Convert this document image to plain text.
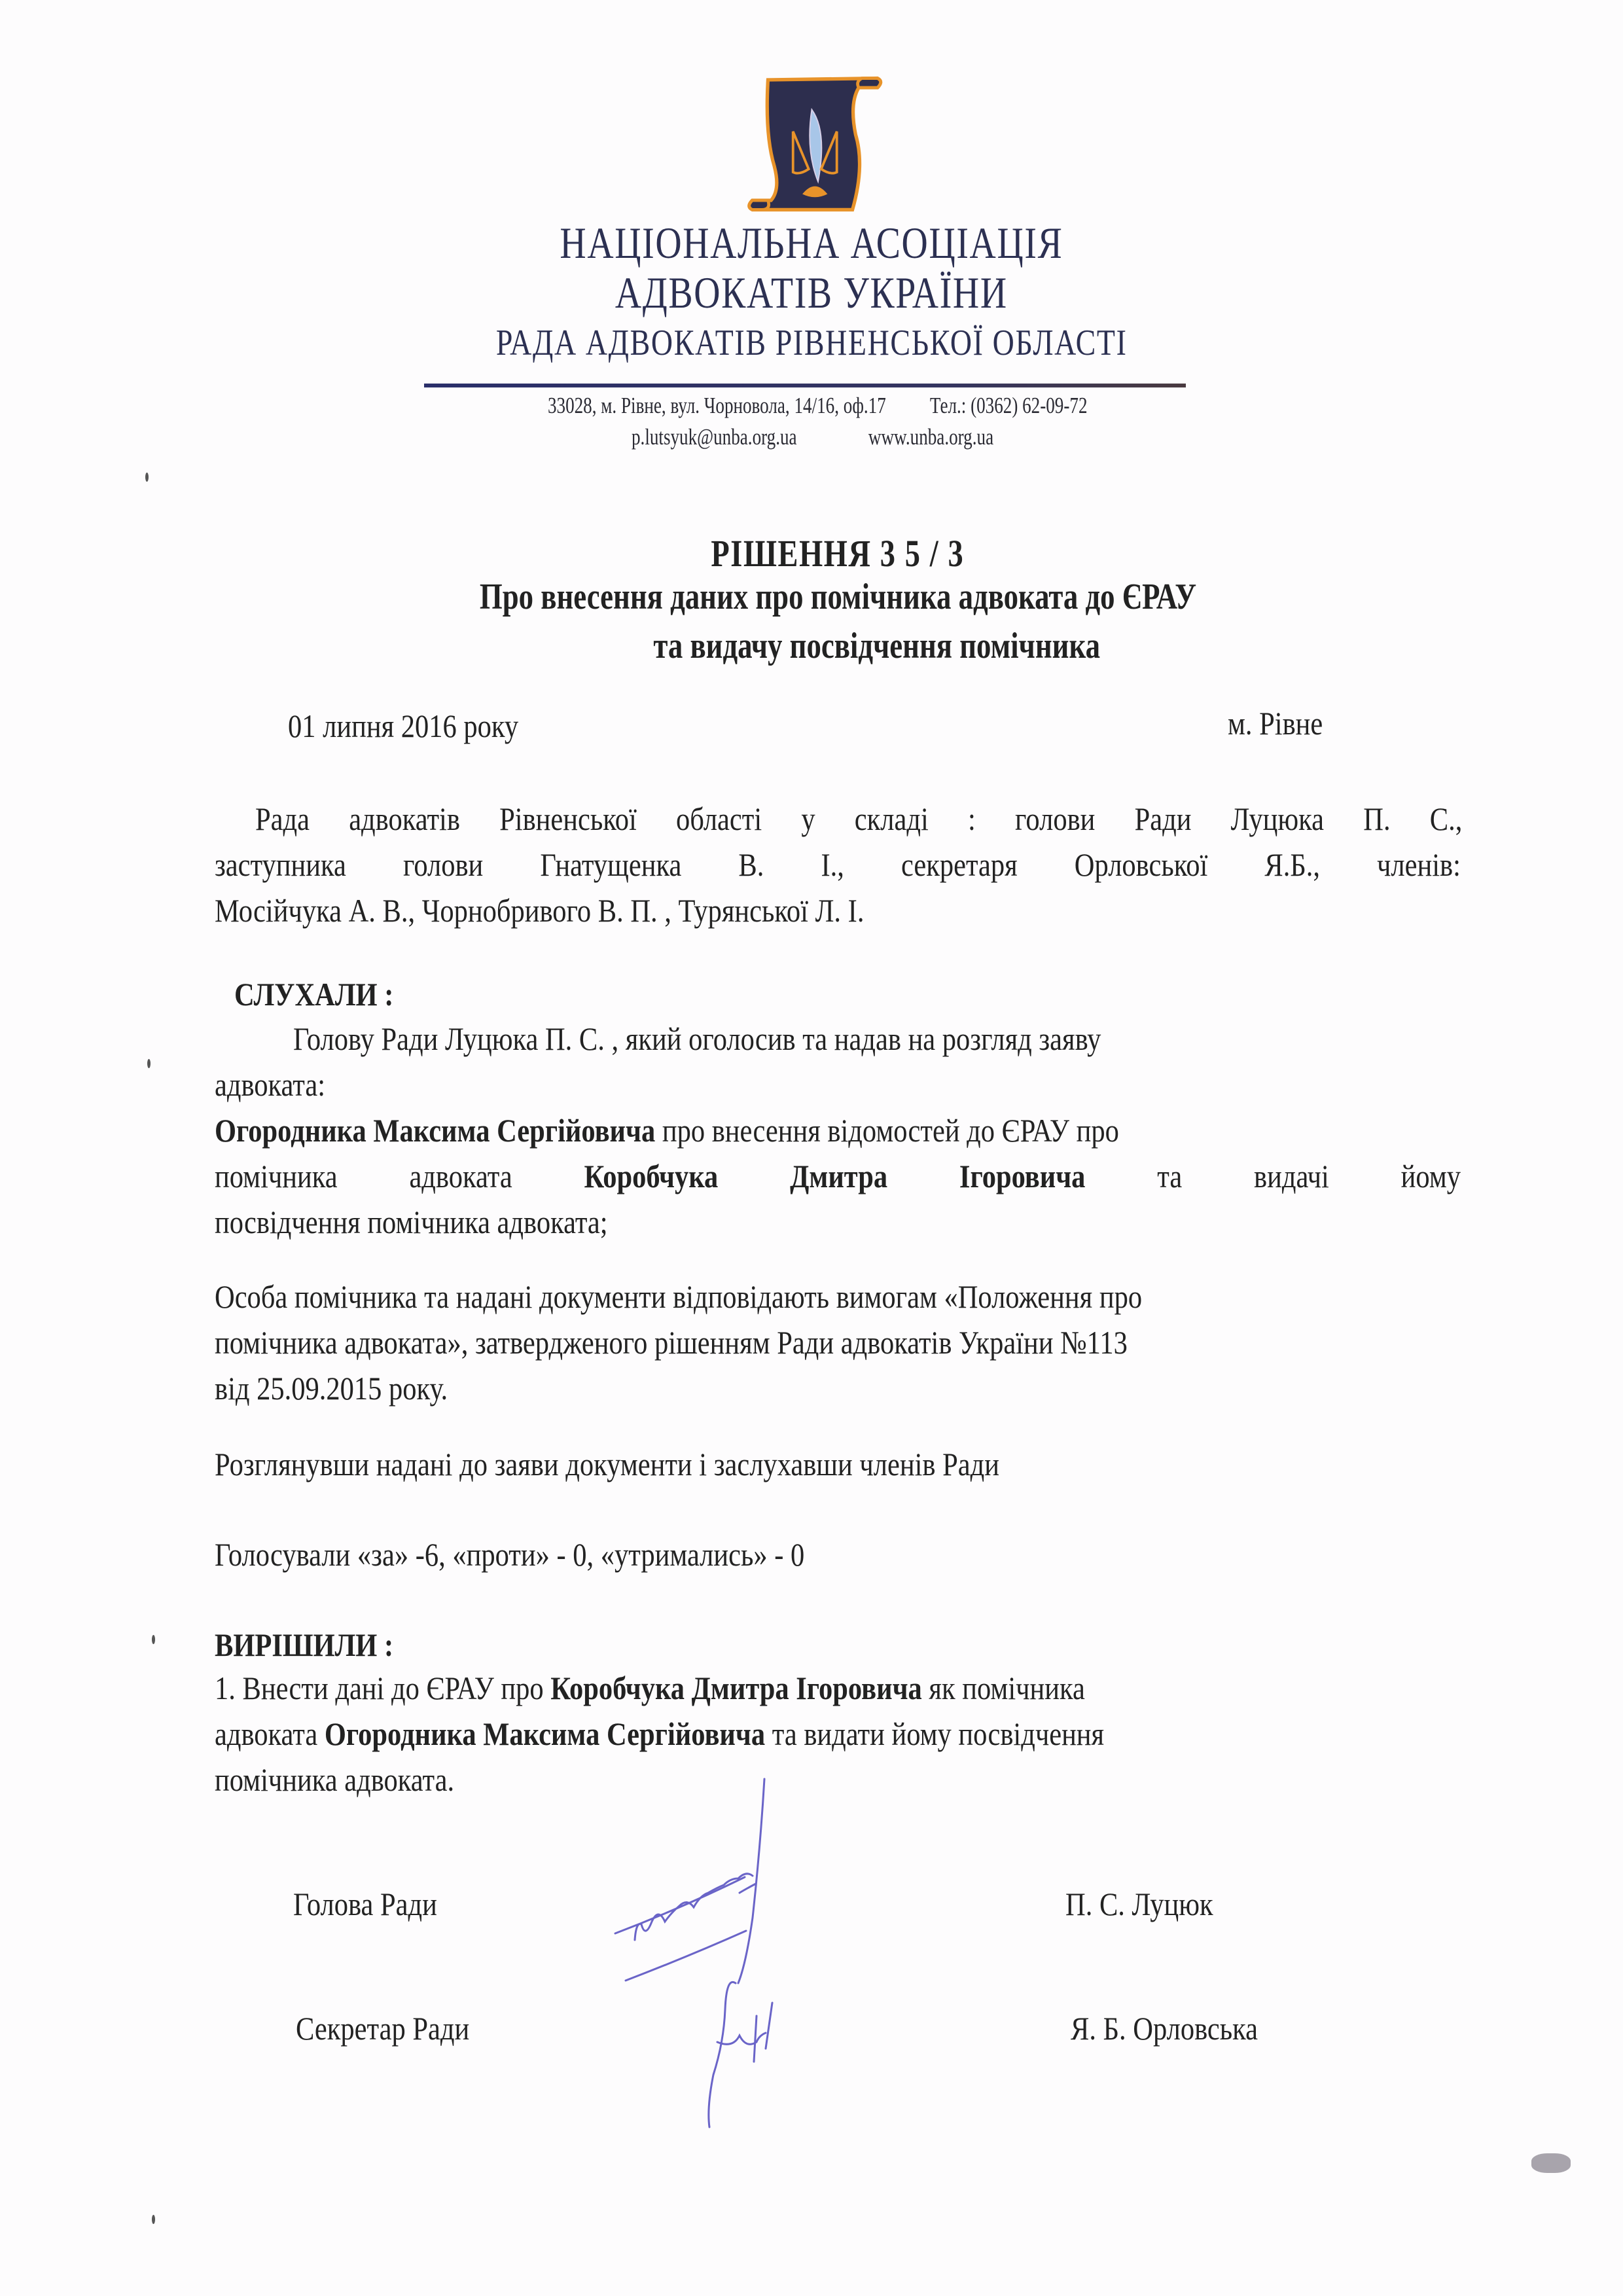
НАЦІОНАЛЬНА АСОЦІАЦІЯ
АДВОКАТІВ УКРАЇНИ
РАДА АДВОКАТІВ РІВНЕНСЬКОЇ ОБЛАСТІ
33028, м. Рівне, вул. Чорновола, 14/16, оф.17 Тел.: (0362) 62-09-72
p.lutsyuk@unba.org.ua	www.unba.org.ua
РІШЕННЯ 3 5 / 3
Про внесення даних про помічника адвоката до ЄРАУ
та видачу посвідчення помічника
01 липня 2016 року	м. Рівне
Рада адвокатів Рівненської області у складі : голови Ради Луцюка П. С.,
заступника голови Гнатущенка В. І., секретаря Орловської Я.Б., членів:
Мосійчука А. В., Чорнобривого В. П. , Турянської Л. І.
СЛУХАЛИ :
Голову Ради Луцюка П. С. , який оголосив та надав на розгляд заяву
адвоката:
Огородника Максима Сергійовича про внесення відомостей до ЄРАУ про
помічника адвоката Коробчука Дмитра Ігоровича та видачі йому
посвідчення помічника адвоката;
Особа помічника та надані документи відповідають вимогам «Положення про
помічника адвоката», затвердженого рішенням Ради адвокатів України №113
від 25.09.2015 року.
Розглянувши надані до заяви документи і заслухавши членів Ради
Голосували «за» -6, «проти» - 0, «утримались» - 0
ВИРІШИЛИ :
1. Внести дані до ЄРАУ про Коробчука Дмитра Ігоровича як помічника
адвоката Огородника Максима Сергійовича та видати йому посвідчення
помічника адвоката.
Голова Ради	П. С. Луцюк
Секретар Ради	Я. Б. Орловська
